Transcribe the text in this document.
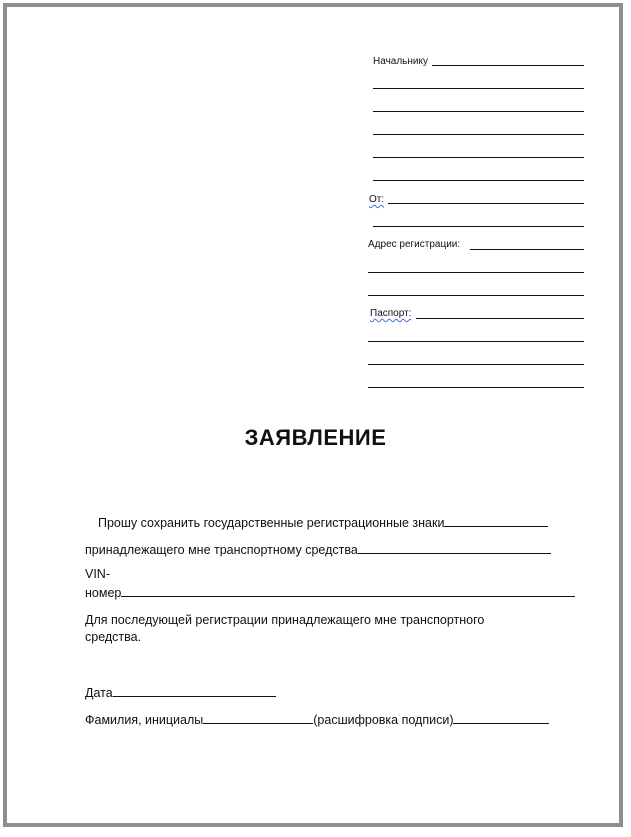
Начальнику
От:
Адрес регистрации:
Паспорт:
ЗАЯВЛЕНИЕ
Прошу сохранить государственные регистрационные знаки
принадлежащего мне транспортному средства
VIN-
номер
Для последующей регистрации принадлежащего мне транспортного
средства.
Дата
Фамилия, инициалы	(расшифровка подписи)
